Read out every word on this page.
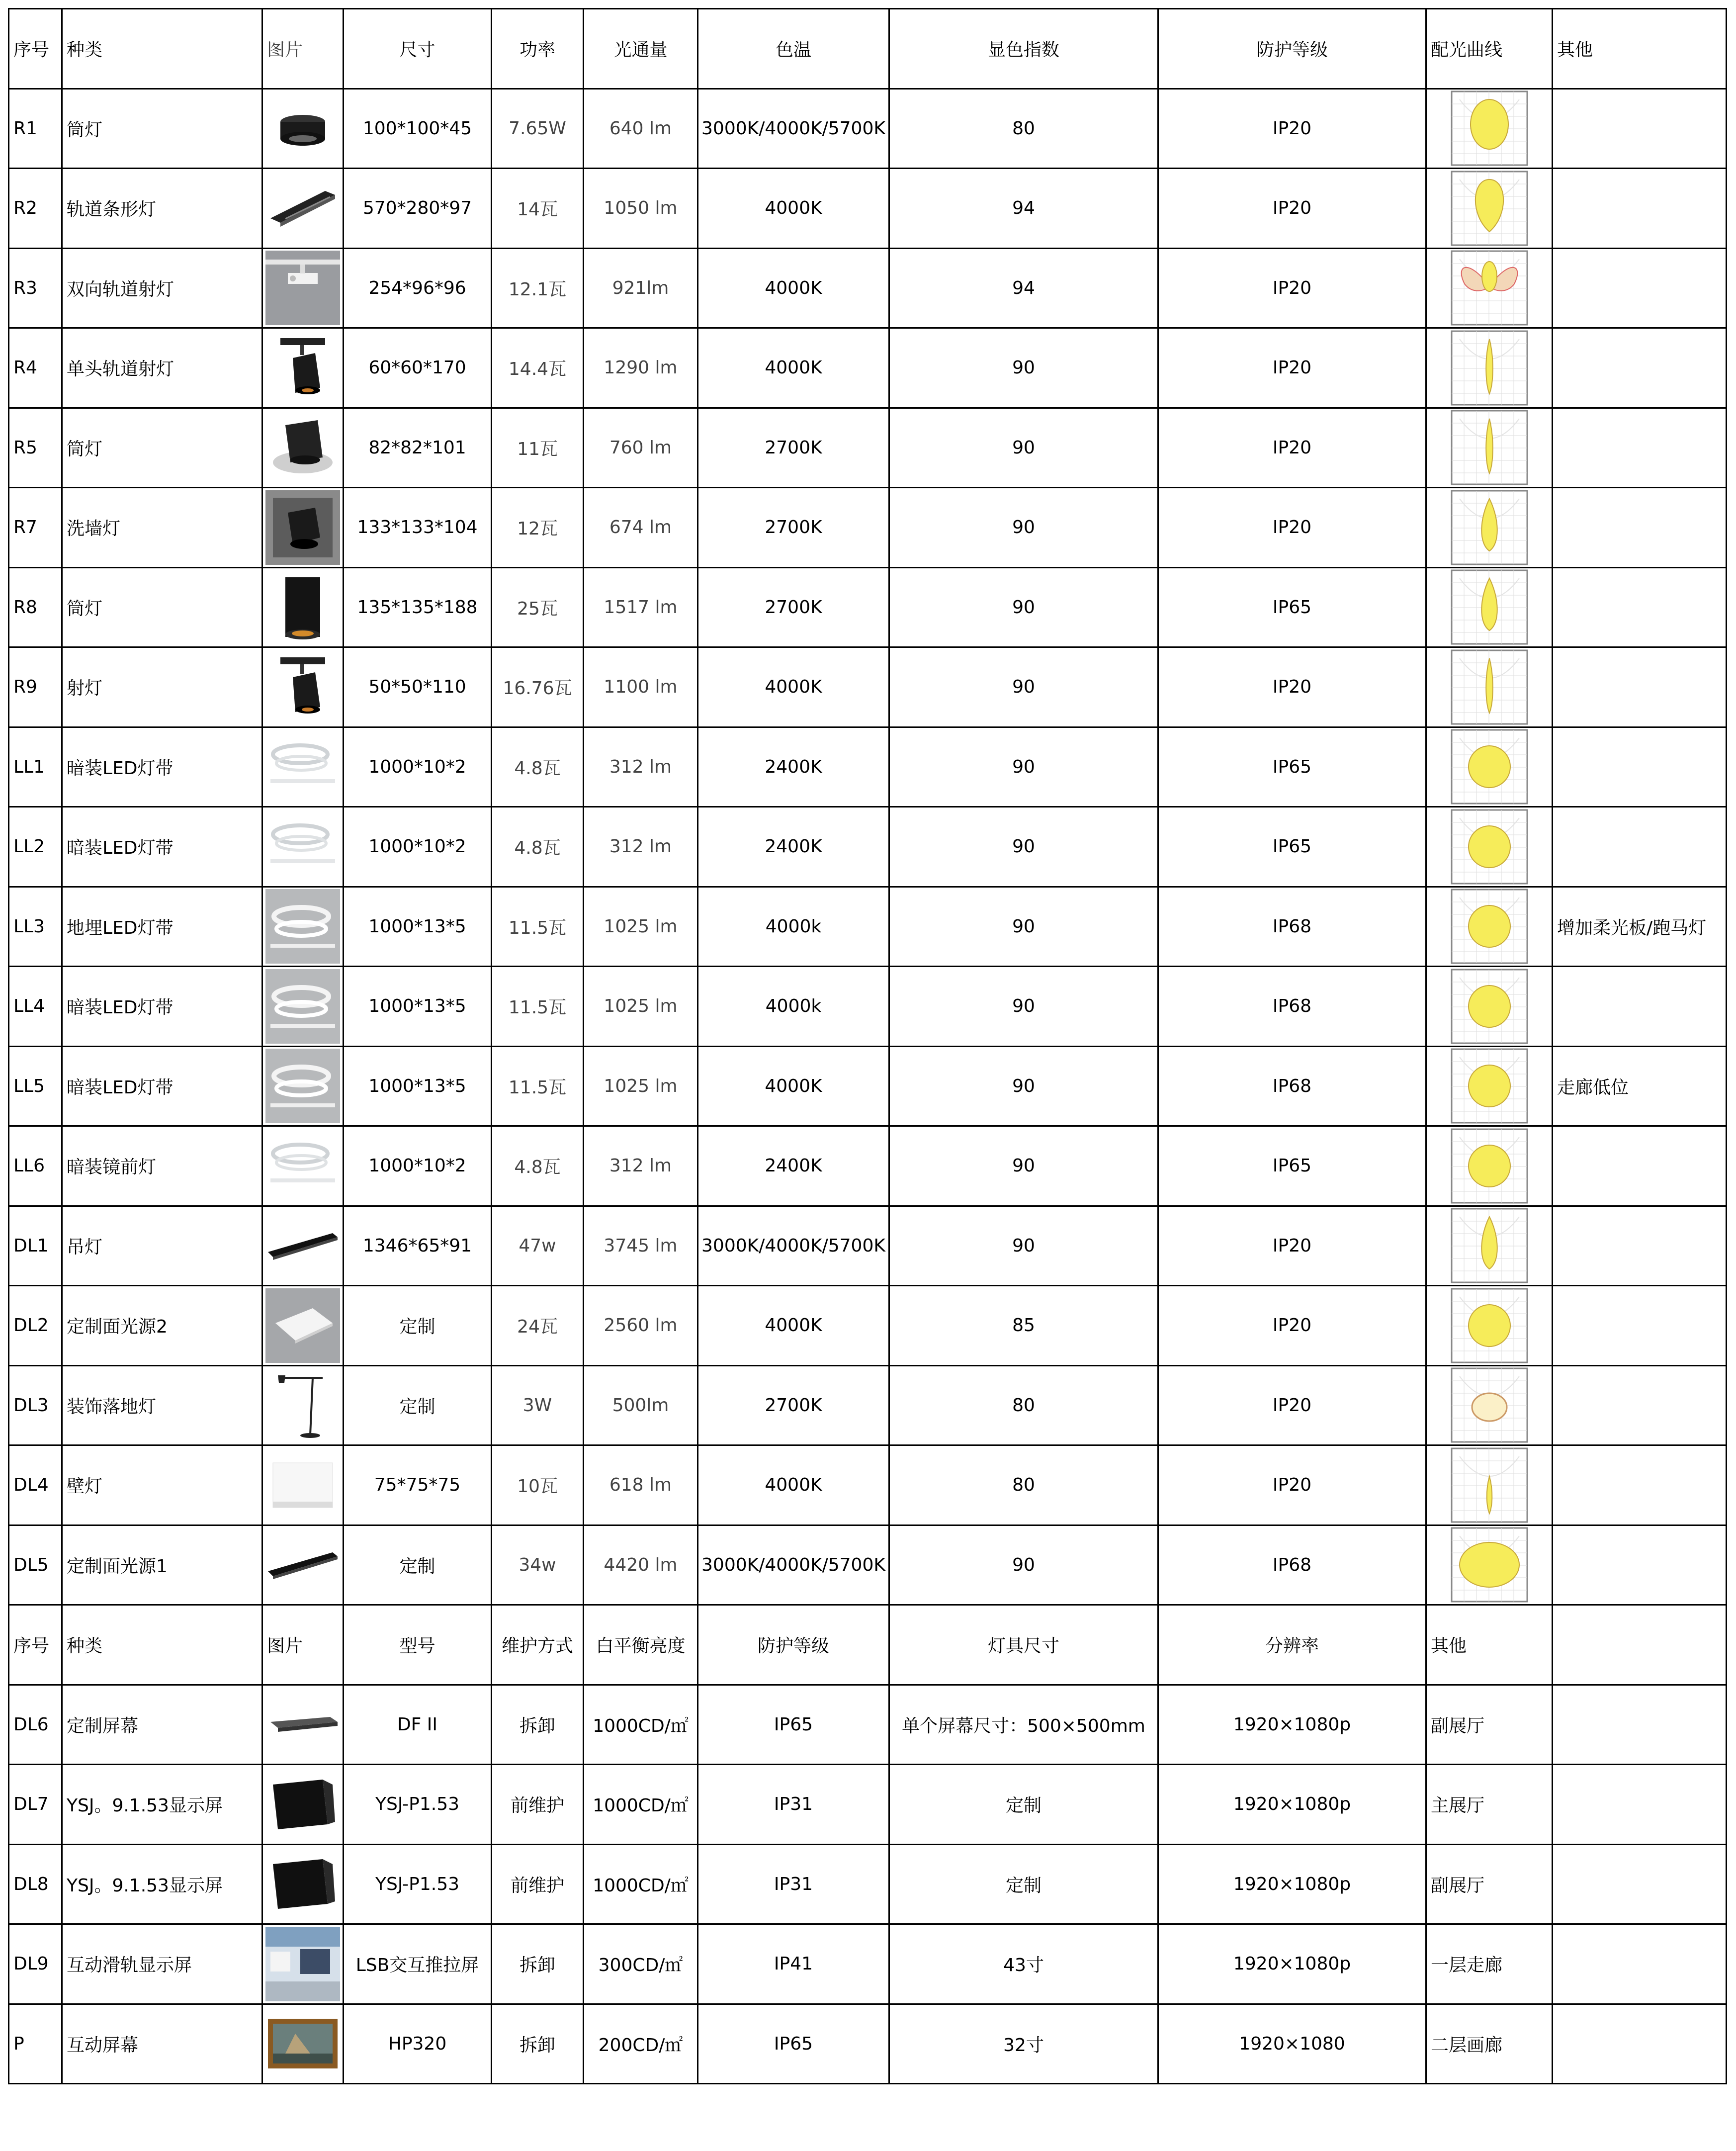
序号	种类	图片	尺寸	功率	光通量	色温	显色指数	防护等级	配光曲线	其他
R1	筒灯		100*100*45	7.65W	640 lm	3000K/4000K/5700K	80	IP20	

R2	轨道条形灯		570*280*97	14瓦	1050 lm	4000K	94	IP20	

R3	双向轨道射灯		254*96*96	12.1瓦	921lm	4000K	94	IP20	

R4	单头轨道射灯		60*60*170	14.4瓦	1290 lm	4000K	90	IP20	

R5	筒灯		82*82*101	11瓦	760 lm	2700K	90	IP20	

R7	洗墙灯		133*133*104	12瓦	674 lm	2700K	90	IP20	

R8	筒灯		135*135*188	25瓦	1517 lm	2700K	90	IP65	

R9	射灯		50*50*110	16.76瓦	1100 lm	4000K	90	IP20	

LL1	暗装LED灯带		1000*10*2	4.8瓦	312 lm	2400K	90	IP65	

LL2	暗装LED灯带		1000*10*2	4.8瓦	312 lm	2400K	90	IP65	

LL3	地埋LED灯带		1000*13*5	11.5瓦	1025 lm	4000k	90	IP68		增加柔光板/跑马灯
LL4	暗装LED灯带		1000*13*5	11.5瓦	1025 lm	4000k	90	IP68	

LL5	暗装LED灯带		1000*13*5	11.5瓦	1025 lm	4000K	90	IP68		走廊低位
LL6	暗装镜前灯		1000*10*2	4.8瓦	312 lm	2400K	90	IP65	

DL1	吊灯		1346*65*91	47w	3745 lm	3000K/4000K/5700K	90	IP20	

DL2	定制面光源2		定制	24瓦	2560 lm	4000K	85	IP20	

DL3	装饰落地灯		定制	3W	500lm	2700K	80	IP20	

DL4	壁灯		75*75*75	10瓦	618 lm	4000K	80	IP20	

DL5	定制面光源1		定制	34w	4420 lm	3000K/4000K/5700K	90	IP68	

序号	种类	图片	型号	维护方式	白平衡亮度	防护等级	灯具尺寸	分辨率	其他	
DL6	定制屏幕		DF II	拆卸	1000CD/㎡	IP65	单个屏幕尺寸：500×500mm	1920×1080p	副展厅	
DL7	YSJ。9.1.53显示屏		YSJ-P1.53	前维护	1000CD/㎡	IP31	定制	1920×1080p	主展厅	
DL8	YSJ。9.1.53显示屏		YSJ-P1.53	前维护	1000CD/㎡	IP31	定制	1920×1080p	副展厅	
DL9	互动滑轨显示屏		LSB交互推拉屏	拆卸	300CD/㎡	IP41	43寸	1920×1080p	一层走廊	
P	互动屏幕		HP320	拆卸	200CD/㎡	IP65	32寸	1920×1080	二层画廊	
